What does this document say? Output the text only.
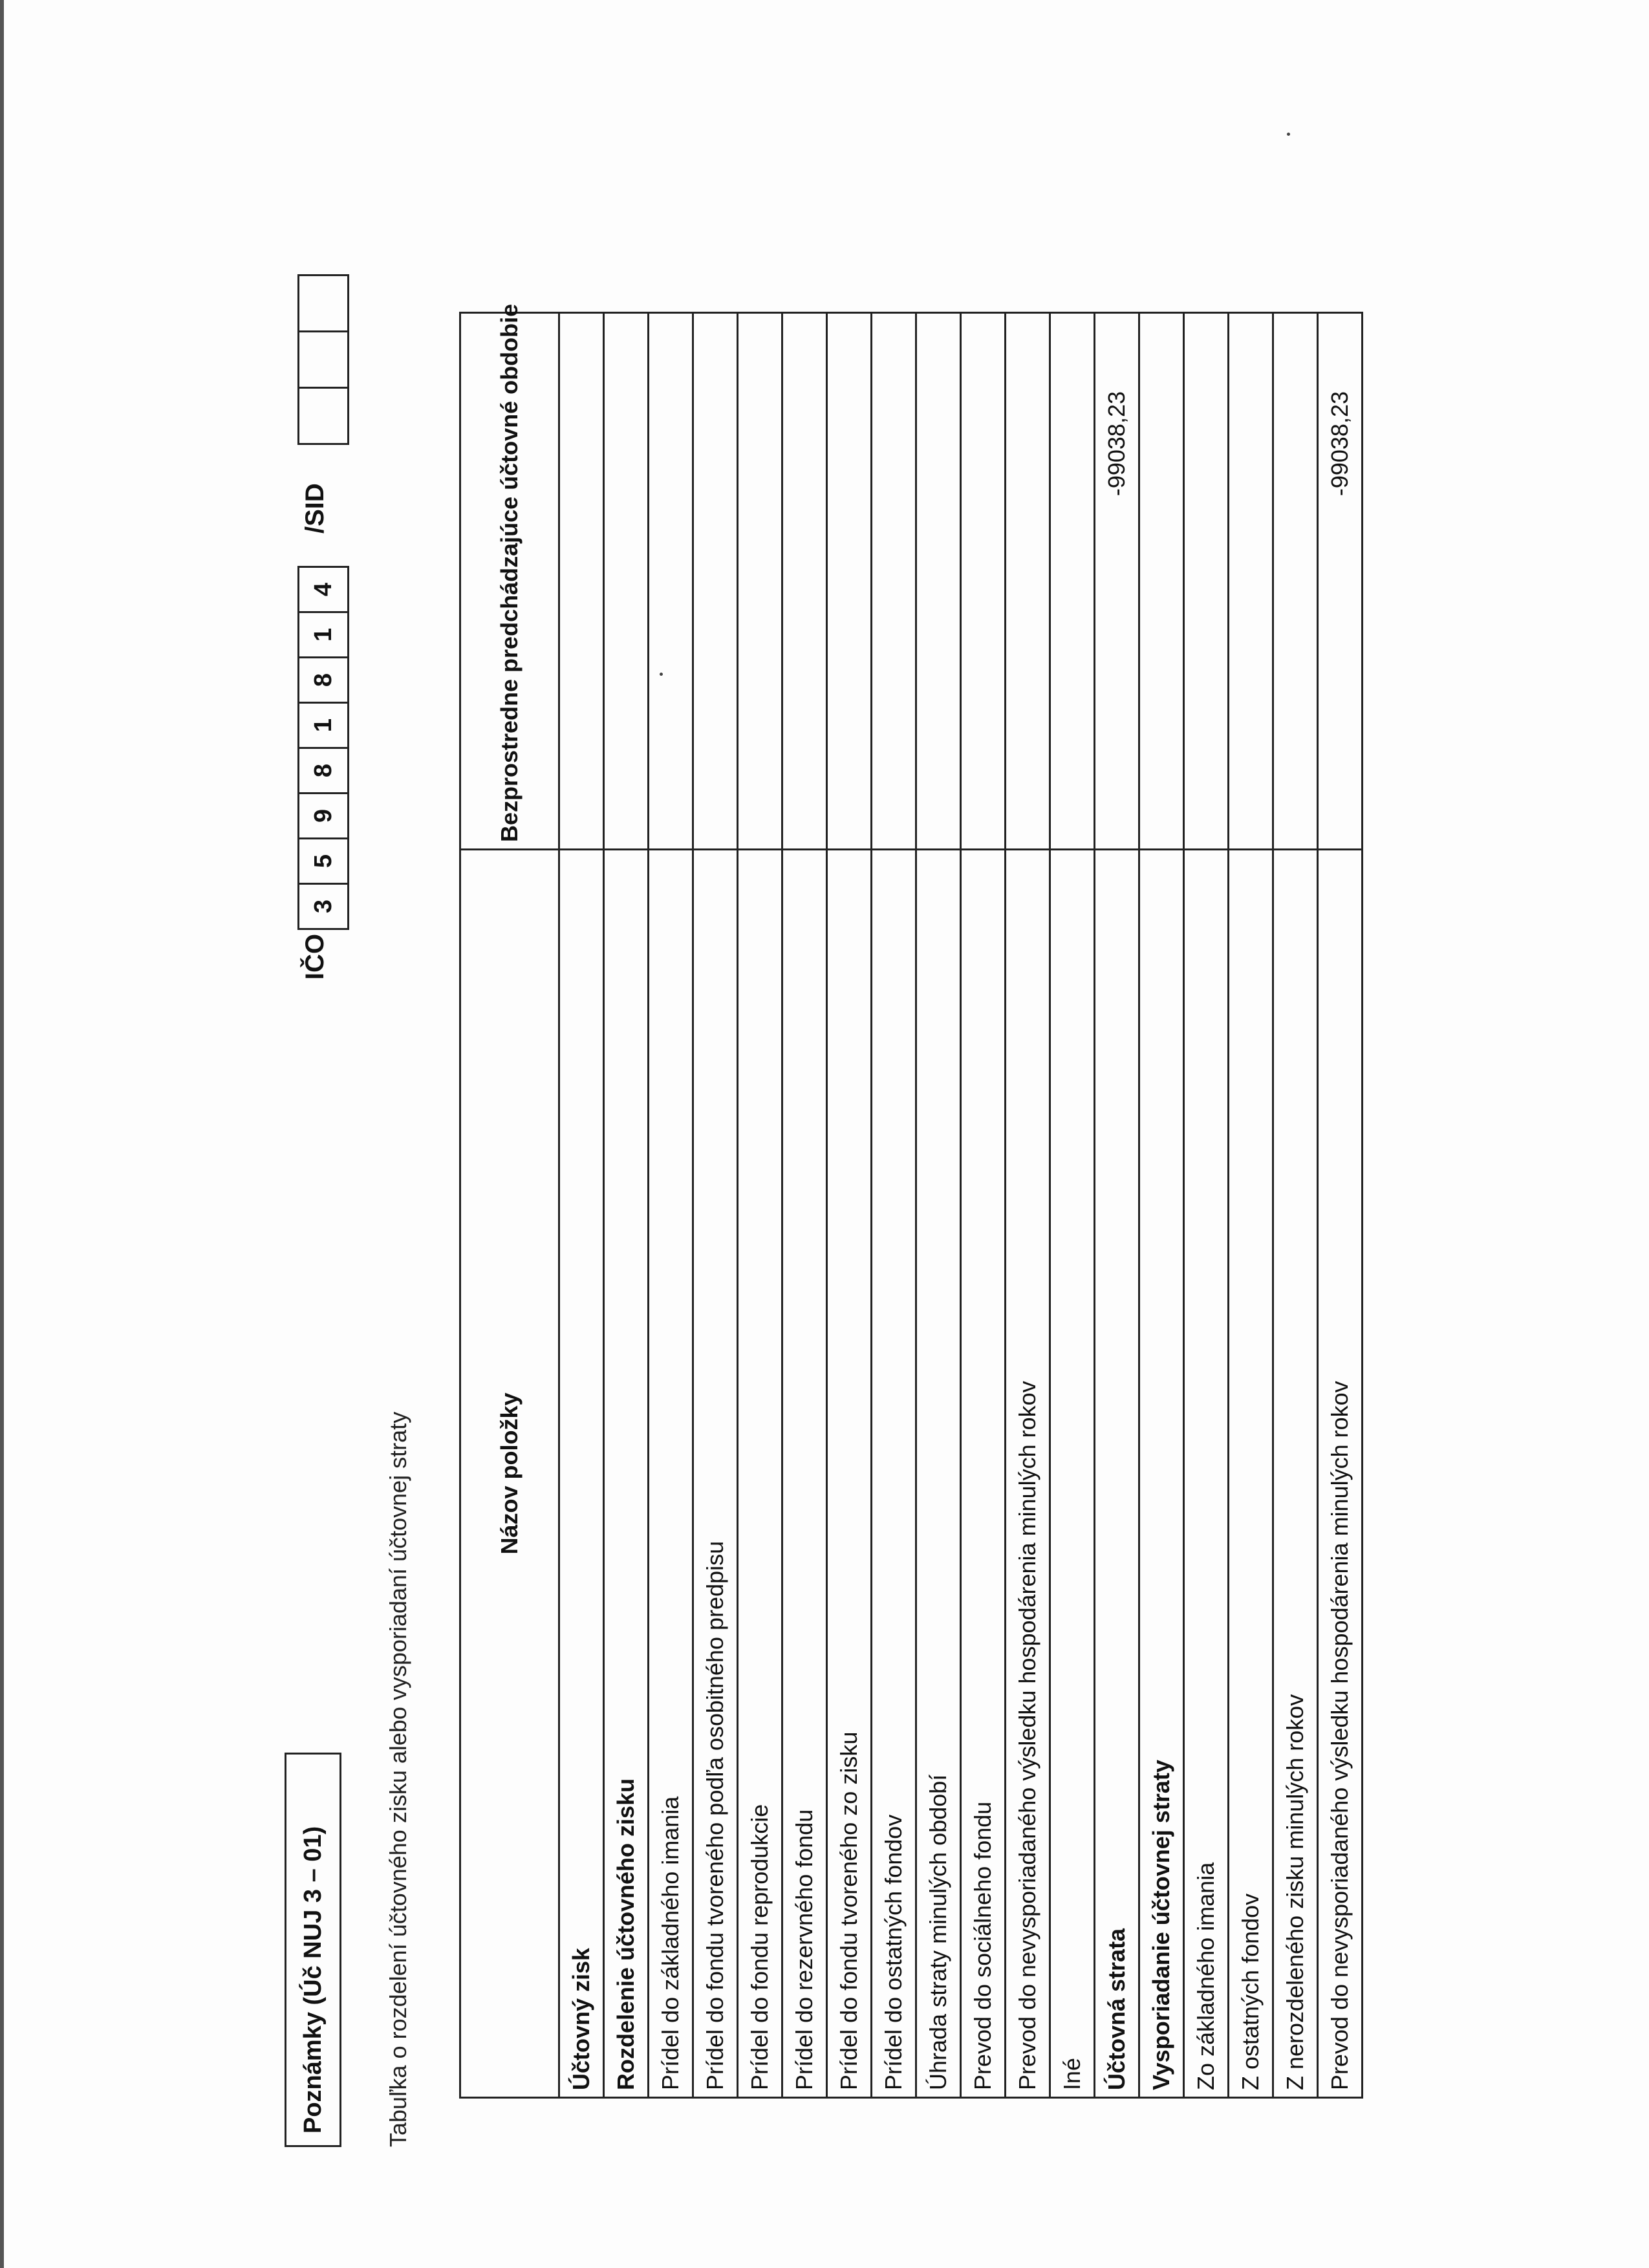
Poznámky (Úč NUJ 3 – 01)
IČO
3
5
9
8
1
8
1
4
/SID
Tabuľka o rozdelení účtovného zisku alebo vysporiadaní účtovnej straty	Názov položky	Bezprostredne predchádzajúce účtovné obdobie
Účtovný zisk	
Rozdelenie účtovného zisku	
Prídel do základného imania	
Prídel do fondu tvoreného podľa osobitného predpisu	
Prídel do fondu reprodukcie	
Prídel do rezervného fondu	
Prídel do fondu tvoreného zo zisku	
Prídel do ostatných fondov	
Úhrada straty minulých období	
Prevod do sociálneho fondu	
Prevod do nevysporiadaného výsledku hospodárenia minulých rokov	
Iné	
Účtovná strata	-99038,23
Vysporiadanie účtovnej straty	
Zo základného imania	
Z ostatných fondov	
Z nerozdeleného zisku minulých rokov	
Prevod do nevysporiadaného výsledku hospodárenia minulých rokov	-99038,23
